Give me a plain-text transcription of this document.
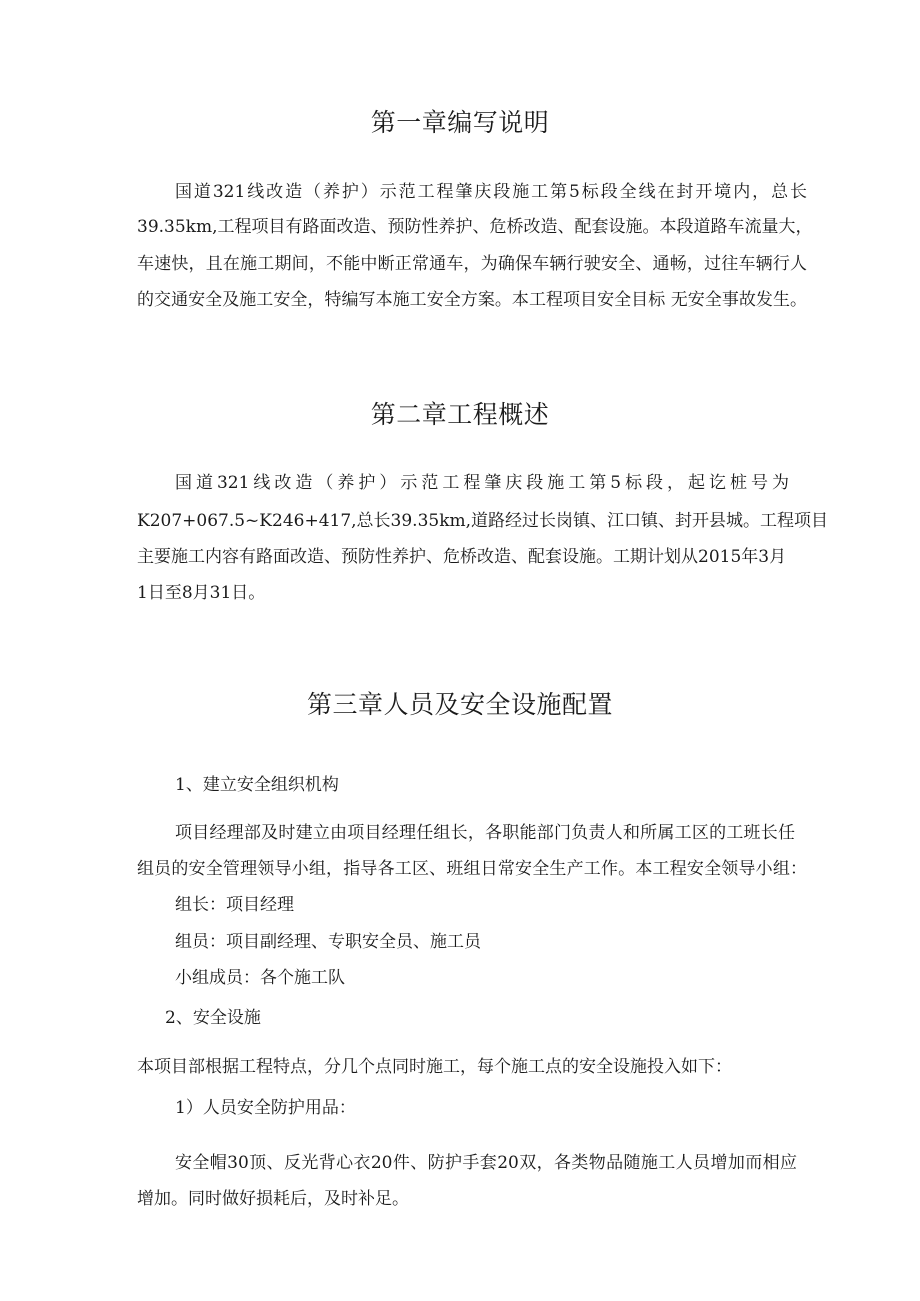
第一章编写说明

国道321线改造（养护）示范工程肇庆段施工第5标段全线在封开境内，总长

39.35km,工程项目有路面改造、预防性养护、危桥改造、配套设施。本段道路车流量大，

车速快，且在施工期间，不能中断正常通车，为确保车辆行驶安全、通畅，过往车辆行人

的交通安全及施工安全，特编写本施工安全方案。本工程项目安全目标 无安全事故发生。

第二章工程概述

国道321线改造（养护）示范工程肇庆段施工第5标段，起讫桩号为

K207+067.5~K246+417,总长39.35km,道路经过长岗镇、江口镇、封开县城。工程项目

主要施工内容有路面改造、预防性养护、危桥改造、配套设施。工期计划从2015年3月

1日至8月31日。

第三章人员及安全设施配置

1、建立安全组织机构

项目经理部及时建立由项目经理任组长，各职能部门负责人和所属工区的工班长任

组员的安全管理领导小组，指导各工区、班组日常安全生产工作。本工程安全领导小组：

组长：项目经理

组员：项目副经理、专职安全员、施工员

小组成员：各个施工队

2、安全设施

本项目部根据工程特点，分几个点同时施工，每个施工点的安全设施投入如下：

1）人员安全防护用品：

安全帽30顶、反光背心衣20件、防护手套20双，各类物品随施工人员增加而相应

增加。同时做好损耗后，及时补足。
